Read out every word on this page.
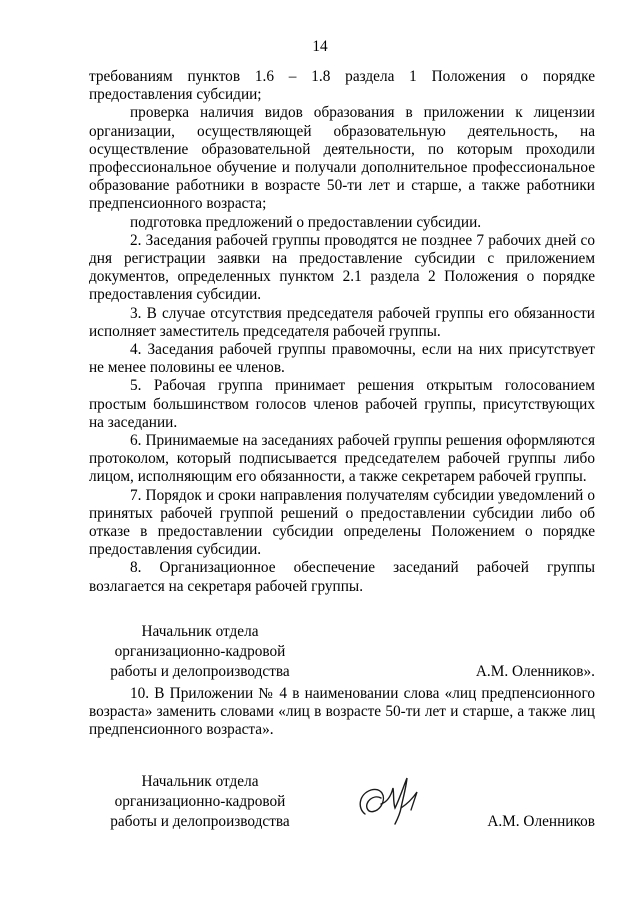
14

требованиям пунктов 1.6 – 1.8 раздела 1 Положения о порядке предоставления субсидии;

проверка наличия видов образования в приложении к лицензии организации, осуществляющей образовательную деятельность, на осуществление образовательной деятельности, по которым проходили профессиональное обучение и получали дополнительное профессиональное образование работники в возрасте 50-ти лет и старше, а также работники предпенсионного возраста;

подготовка предложений о предоставлении субсидии.

2. Заседания рабочей группы проводятся не позднее 7 рабочих дней со дня регистрации заявки на предоставление субсидии с приложением документов, определенных пунктом 2.1 раздела 2 Положения о порядке предоставления субсидии.

3. В случае отсутствия председателя рабочей группы его обязанности исполняет заместитель председателя рабочей группы.

4. Заседания рабочей группы правомочны, если на них присутствует не менее половины ее членов.

5. Рабочая группа принимает решения открытым голосованием простым большинством голосов членов рабочей группы, присутствующих на заседании.

6. Принимаемые на заседаниях рабочей группы решения оформляются протоколом, который подписывается председателем рабочей группы либо лицом, исполняющим его обязанности, а также секретарем рабочей группы.

7. Порядок и сроки направления получателям субсидии уведомлений о принятых рабочей группой решений о предоставлении субсидии либо об отказе в предоставлении субсидии определены Положением о порядке предоставления субсидии.

8. Организационное обеспечение заседаний рабочей группы возлагается на секретаря рабочей группы.

Начальник отдела
организационно-кадровой
работы и делопроизводства	А.М. Оленников».

10. В Приложении № 4 в наименовании слова «лиц предпенсионного возраста» заменить словами «лиц в возрасте 50-ти лет и старше, а также лиц предпенсионного возраста».

Начальник отдела
организационно-кадровой
работы и делопроизводства	А.М. Оленников
